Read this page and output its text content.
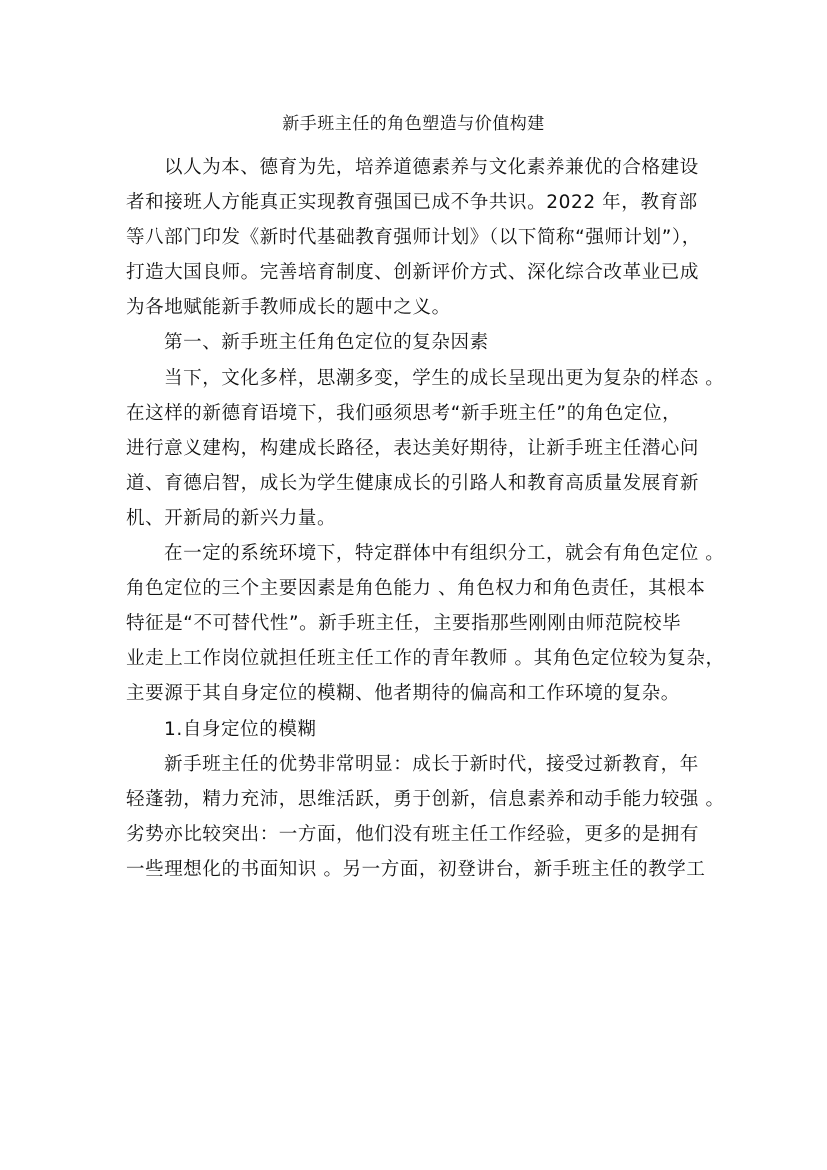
新手班主任的角色塑造与价值构建
以人为本、德育为先，培养道德素养与文化素养兼优的合格建设
者和接班人方能真正实现教育强国已成不争共识。2022 年，教育部
等八部门印发《新时代基础教育强师计划》（以下简称“强师计划”），
打造大国良师。完善培育制度、创新评价方式、深化综合改革业已成
为各地赋能新手教师成长的题中之义。
第一、新手班主任角色定位的复杂因素
当下，文化多样，思潮多变，学生的成长呈现出更为复杂的样态 。
在这样的新德育语境下，我们亟须思考“新手班主任”的角色定位，
进行意义建构，构建成长路径，表达美好期待，让新手班主任潜心问
道、育德启智，成长为学生健康成长的引路人和教育高质量发展育新
机、开新局的新兴力量。
在一定的系统环境下，特定群体中有组织分工，就会有角色定位 。
角色定位的三个主要因素是角色能力 、角色权力和角色责任，其根本
特征是“不可替代性”。新手班主任，主要指那些刚刚由师范院校毕
业走上工作岗位就担任班主任工作的青年教师 。其角色定位较为复杂，
主要源于其自身定位的模糊、他者期待的偏高和工作环境的复杂。
1.自身定位的模糊
新手班主任的优势非常明显：成长于新时代，接受过新教育，年
轻蓬勃，精力充沛，思维活跃，勇于创新，信息素养和动手能力较强 。
劣势亦比较突出：一方面，他们没有班主任工作经验，更多的是拥有
一些理想化的书面知识 。另一方面，初登讲台，新手班主任的教学工
